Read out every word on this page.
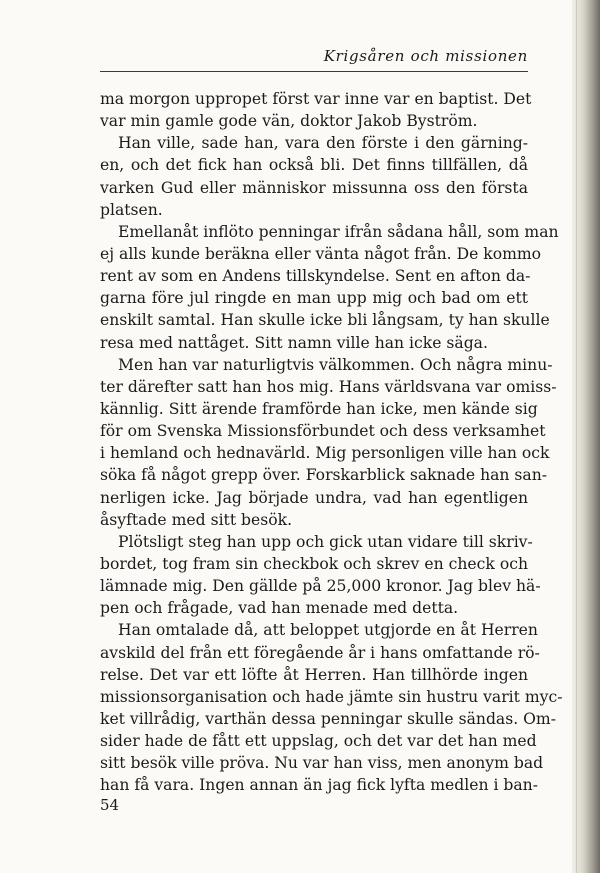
Krigsåren och missionen
ma morgon uppropet först var inne var en baptist. Det
var min gamle gode vän, doktor Jakob Byström.
Han ville, sade han, vara den förste i den gärning-
en, och det fick han också bli. Det finns tillfällen, då
varken Gud eller människor missunna oss den första
platsen.
Emellanåt inflöto penningar ifrån sådana håll, som man
ej alls kunde beräkna eller vänta något från. De kommo
rent av som en Andens tillskyndelse. Sent en afton da-
garna före jul ringde en man upp mig och bad om ett
enskilt samtal. Han skulle icke bli långsam, ty han skulle
resa med nattåget. Sitt namn ville han icke säga.
Men han var naturligtvis välkommen. Och några minu-
ter därefter satt han hos mig. Hans världsvana var omiss-
kännlig. Sitt ärende framförde han icke, men kände sig
för om Svenska Missionsförbundet och dess verksamhet
i hemland och hednavärld. Mig personligen ville han ock
söka få något grepp över. Forskarblick saknade han san-
nerligen icke. Jag började undra, vad han egentligen
åsyftade med sitt besök.
Plötsligt steg han upp och gick utan vidare till skriv-
bordet, tog fram sin checkbok och skrev en check och
lämnade mig. Den gällde på 25,000 kronor. Jag blev hä-
pen och frågade, vad han menade med detta.
Han omtalade då, att beloppet utgjorde en åt Herren
avskild del från ett föregående år i hans omfattande rö-
relse. Det var ett löfte åt Herren. Han tillhörde ingen
missionsorganisation och hade jämte sin hustru varit myc-
ket villrådig, varthän dessa penningar skulle sändas. Om-
sider hade de fått ett uppslag, och det var det han med
sitt besök ville pröva. Nu var han viss, men anonym bad
han få vara. Ingen annan än jag fick lyfta medlen i ban-
54
